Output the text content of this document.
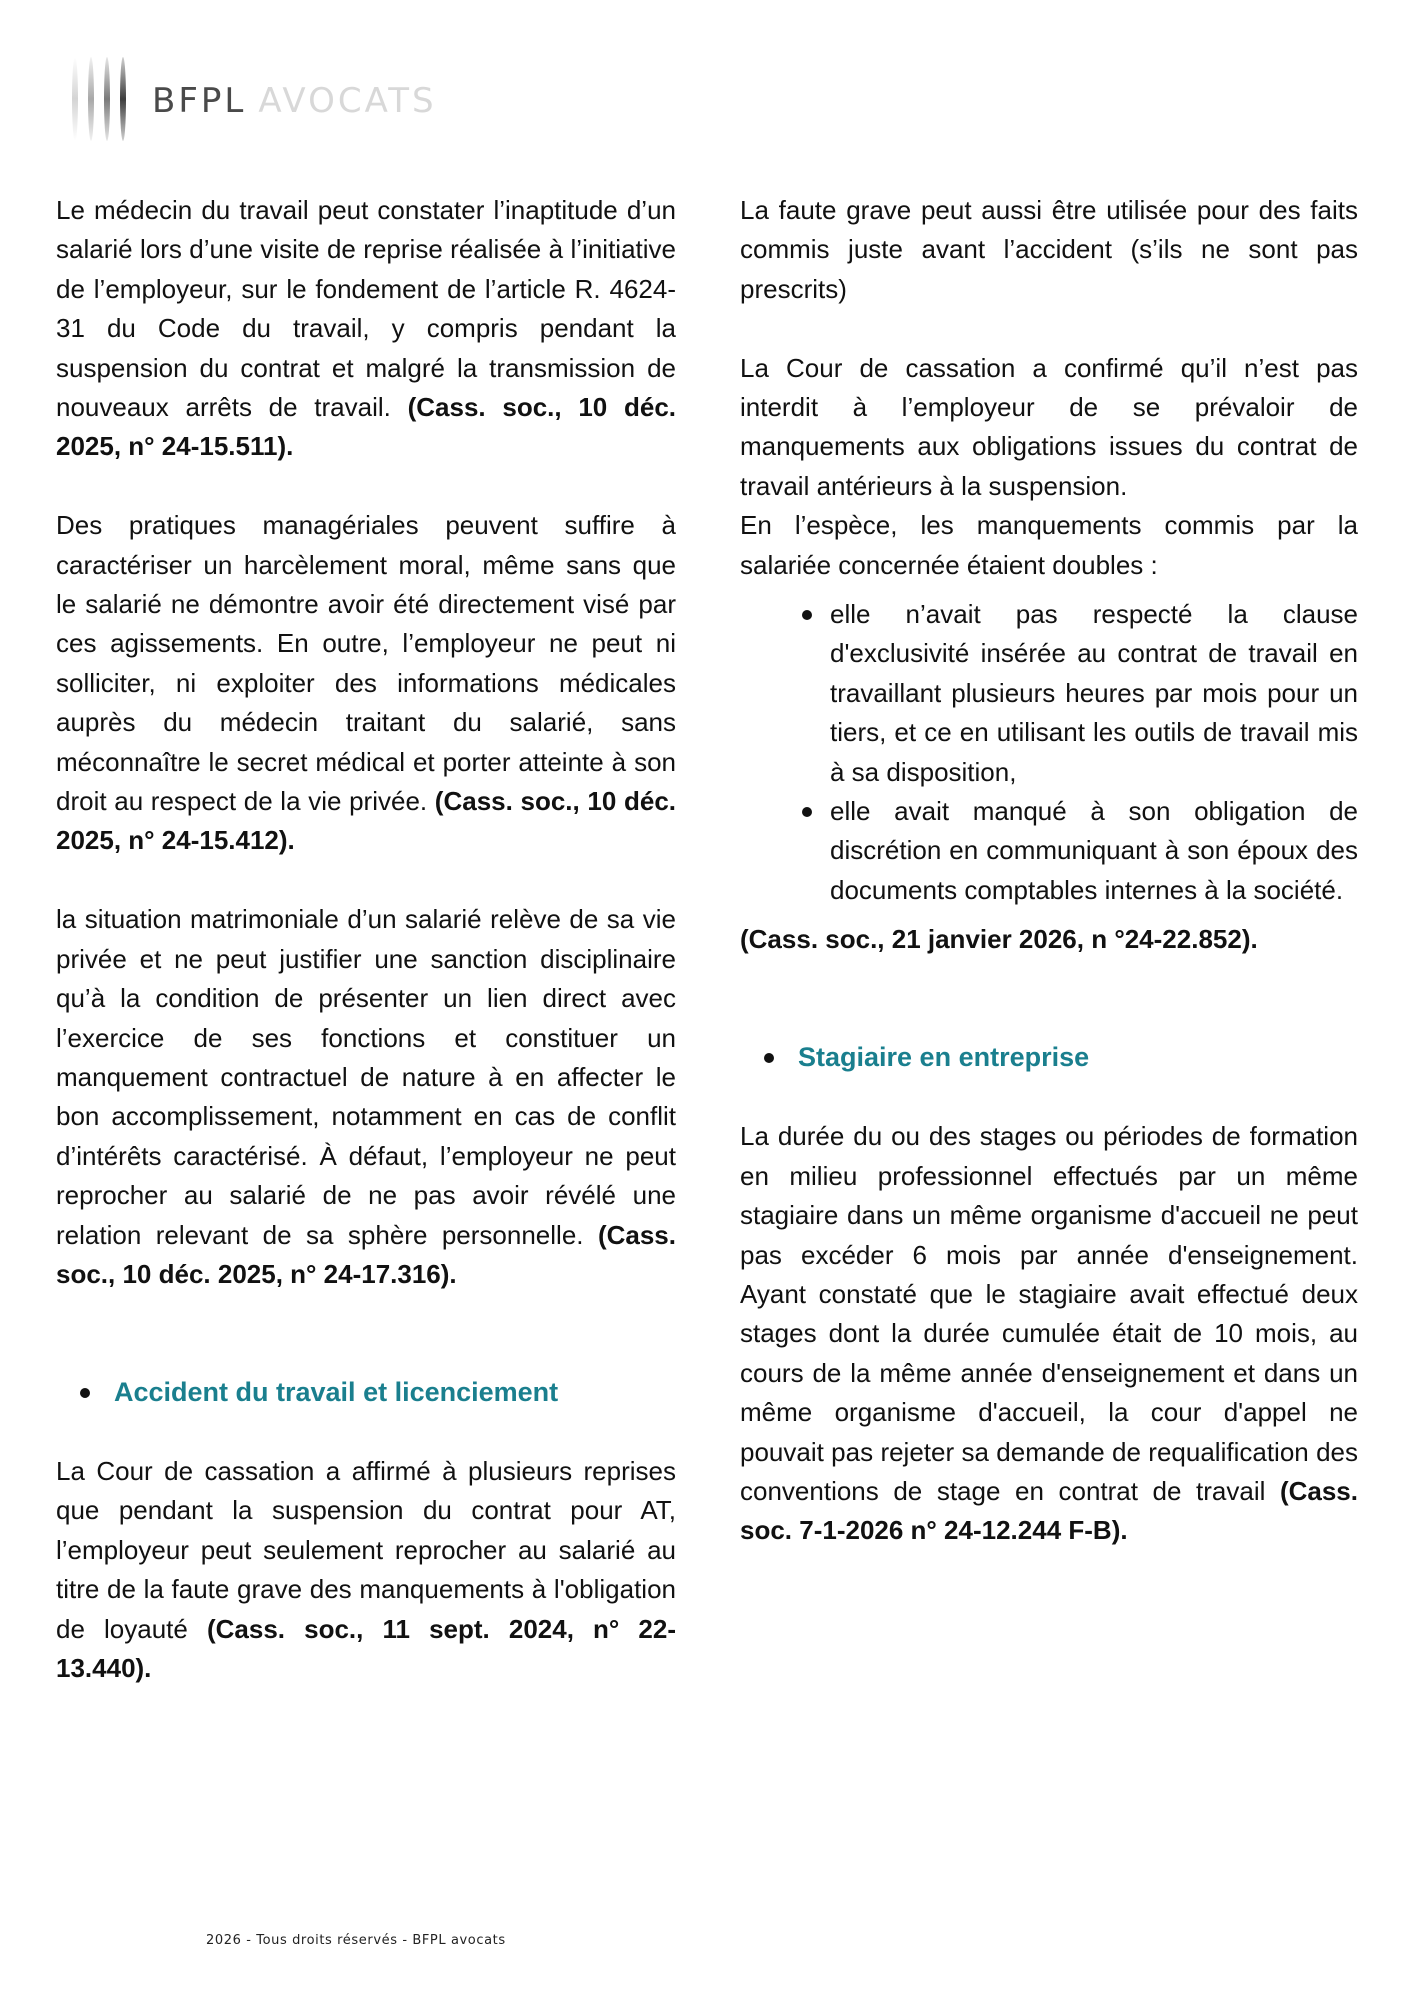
BFPL AVOCATS

Le médecin du travail peut constater l’inaptitude d’un salarié lors d’une visite de reprise réalisée à l’initiative de l’employeur, sur le fondement de l’article R. 4624-31 du Code du travail, y compris pendant la suspension du contrat et malgré la transmission de nouveaux arrêts de travail. (Cass. soc., 10 déc. 2025, n° 24-15.511).

Des pratiques managériales peuvent suffire à caractériser un harcèlement moral, même sans que le salarié ne démontre avoir été directement visé par ces agissements. En outre, l’employeur ne peut ni solliciter, ni exploiter des informations médicales auprès du médecin traitant du salarié, sans méconnaître le secret médical et porter atteinte à son droit au respect de la vie privée. (Cass. soc., 10 déc. 2025, n° 24-15.412).

la situation matrimoniale d’un salarié relève de sa vie privée et ne peut justifier une sanction disciplinaire qu’à la condition de présenter un lien direct avec l’exercice de ses fonctions et constituer un manquement contractuel de nature à en affecter le bon accomplissement, notamment en cas de conflit d’intérêts caractérisé. À défaut, l’employeur ne peut reprocher au salarié de ne pas avoir révélé une relation relevant de sa sphère personnelle. (Cass. soc., 10 déc. 2025, n° 24-17.316).

Accident du travail et licenciement

La Cour de cassation a affirmé à plusieurs reprises que pendant la suspension du contrat pour AT, l’employeur peut seulement reprocher au salarié au titre de la faute grave des manquements à l'obligation de loyauté (Cass. soc., 11 sept. 2024, n° 22-13.440).

La faute grave peut aussi être utilisée pour des faits commis juste avant l’accident (s’ils ne sont pas prescrits)

La Cour de cassation a confirmé qu’il n’est pas interdit à l’employeur de se prévaloir de manquements aux obligations issues du contrat de travail antérieurs à la suspension.

En l’espèce, les manquements commis par la salariée concernée étaient doubles :

elle n’avait pas respecté la clause d'exclusivité insérée au contrat de travail en travaillant plusieurs heures par mois pour un tiers, et ce en utilisant les outils de travail mis à sa disposition,
elle avait manqué à son obligation de discrétion en communiquant à son époux des documents comptables internes à la société.

(Cass. soc., 21 janvier 2026, n °24-22.852).

Stagiaire en entreprise

La durée du ou des stages ou périodes de formation en milieu professionnel effectués par un même stagiaire dans un même organisme d'accueil ne peut pas excéder 6 mois par année d'enseignement. Ayant constaté que le stagiaire avait effectué deux stages dont la durée cumulée était de 10 mois, au cours de la même année d'enseignement et dans un même organisme d'accueil, la cour d'appel ne pouvait pas rejeter sa demande de requalification des conventions de stage en contrat de travail (Cass. soc. 7-1-2026 n° 24-12.244 F-B).

2026 - Tous droits réservés - BFPL avocats
